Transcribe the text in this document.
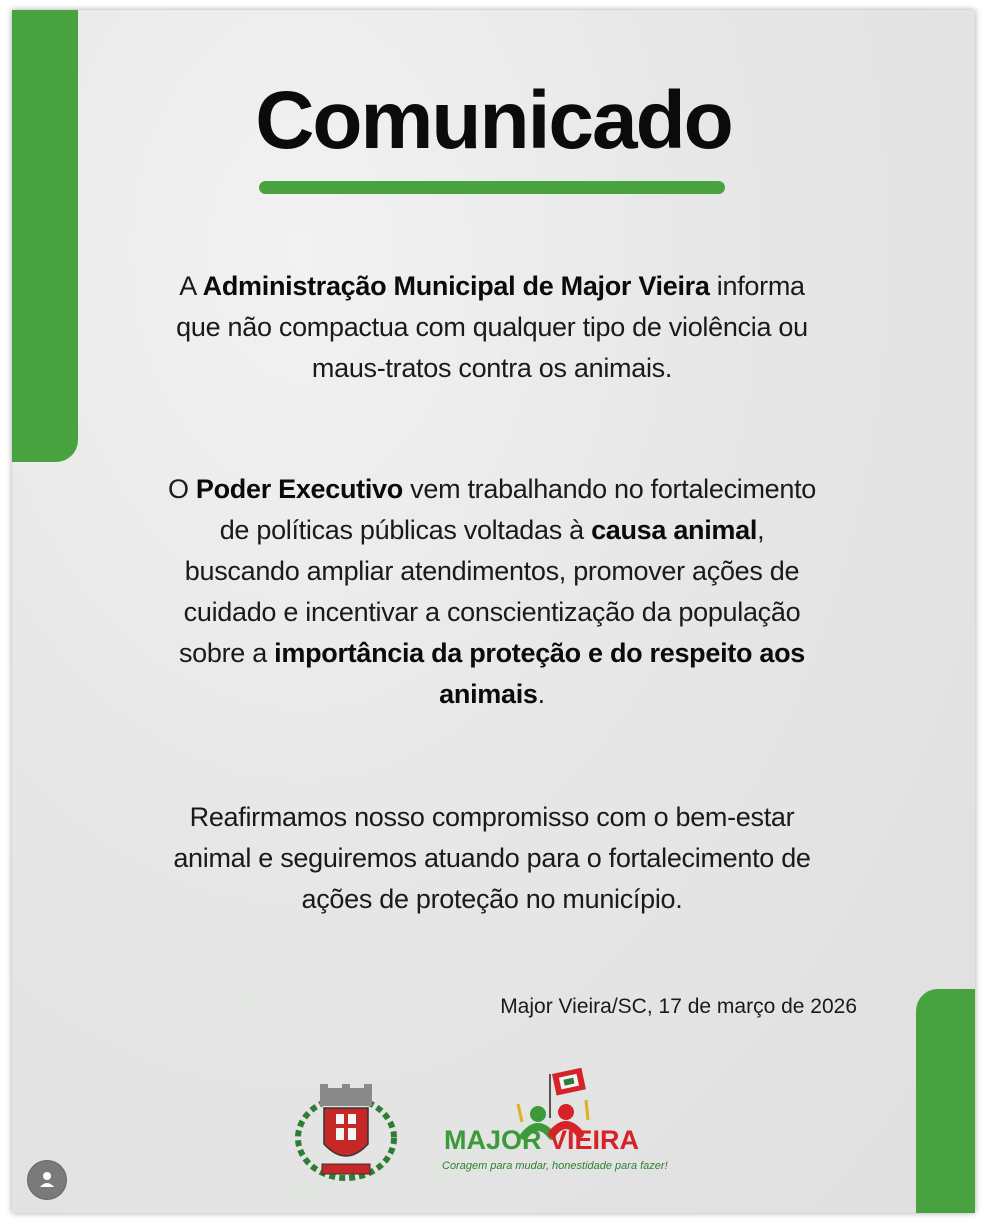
Comunicado
A Administração Municipal de Major Vieira informa que não compactua com qualquer tipo de violência ou maus-tratos contra os animais.
O Poder Executivo vem trabalhando no fortalecimento de políticas públicas voltadas à causa animal, buscando ampliar atendimentos, promover ações de cuidado e incentivar a conscientização da população sobre a importância da proteção e do respeito aos animais.
Reafirmamos nosso compromisso com o bem-estar animal e seguiremos atuando para o fortalecimento de ações de proteção no município.
Major Vieira/SC, 17 de março de 2026
MAJOR VIEIRA
Coragem para mudar, honestidade para fazer!
